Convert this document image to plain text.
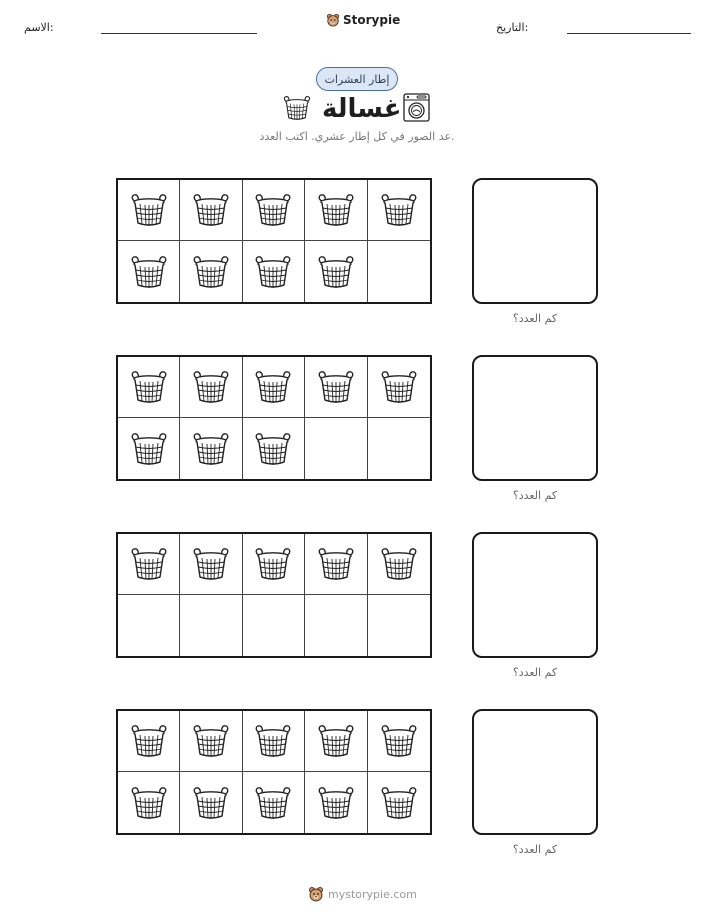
الاسم:
Storypie
التاريخ:
إطار العشرات
غسالة
عد الصور في كل إطار عشري. اكتب العدد.
كم العدد؟
كم العدد؟
كم العدد؟
كم العدد؟
mystorypie.com
